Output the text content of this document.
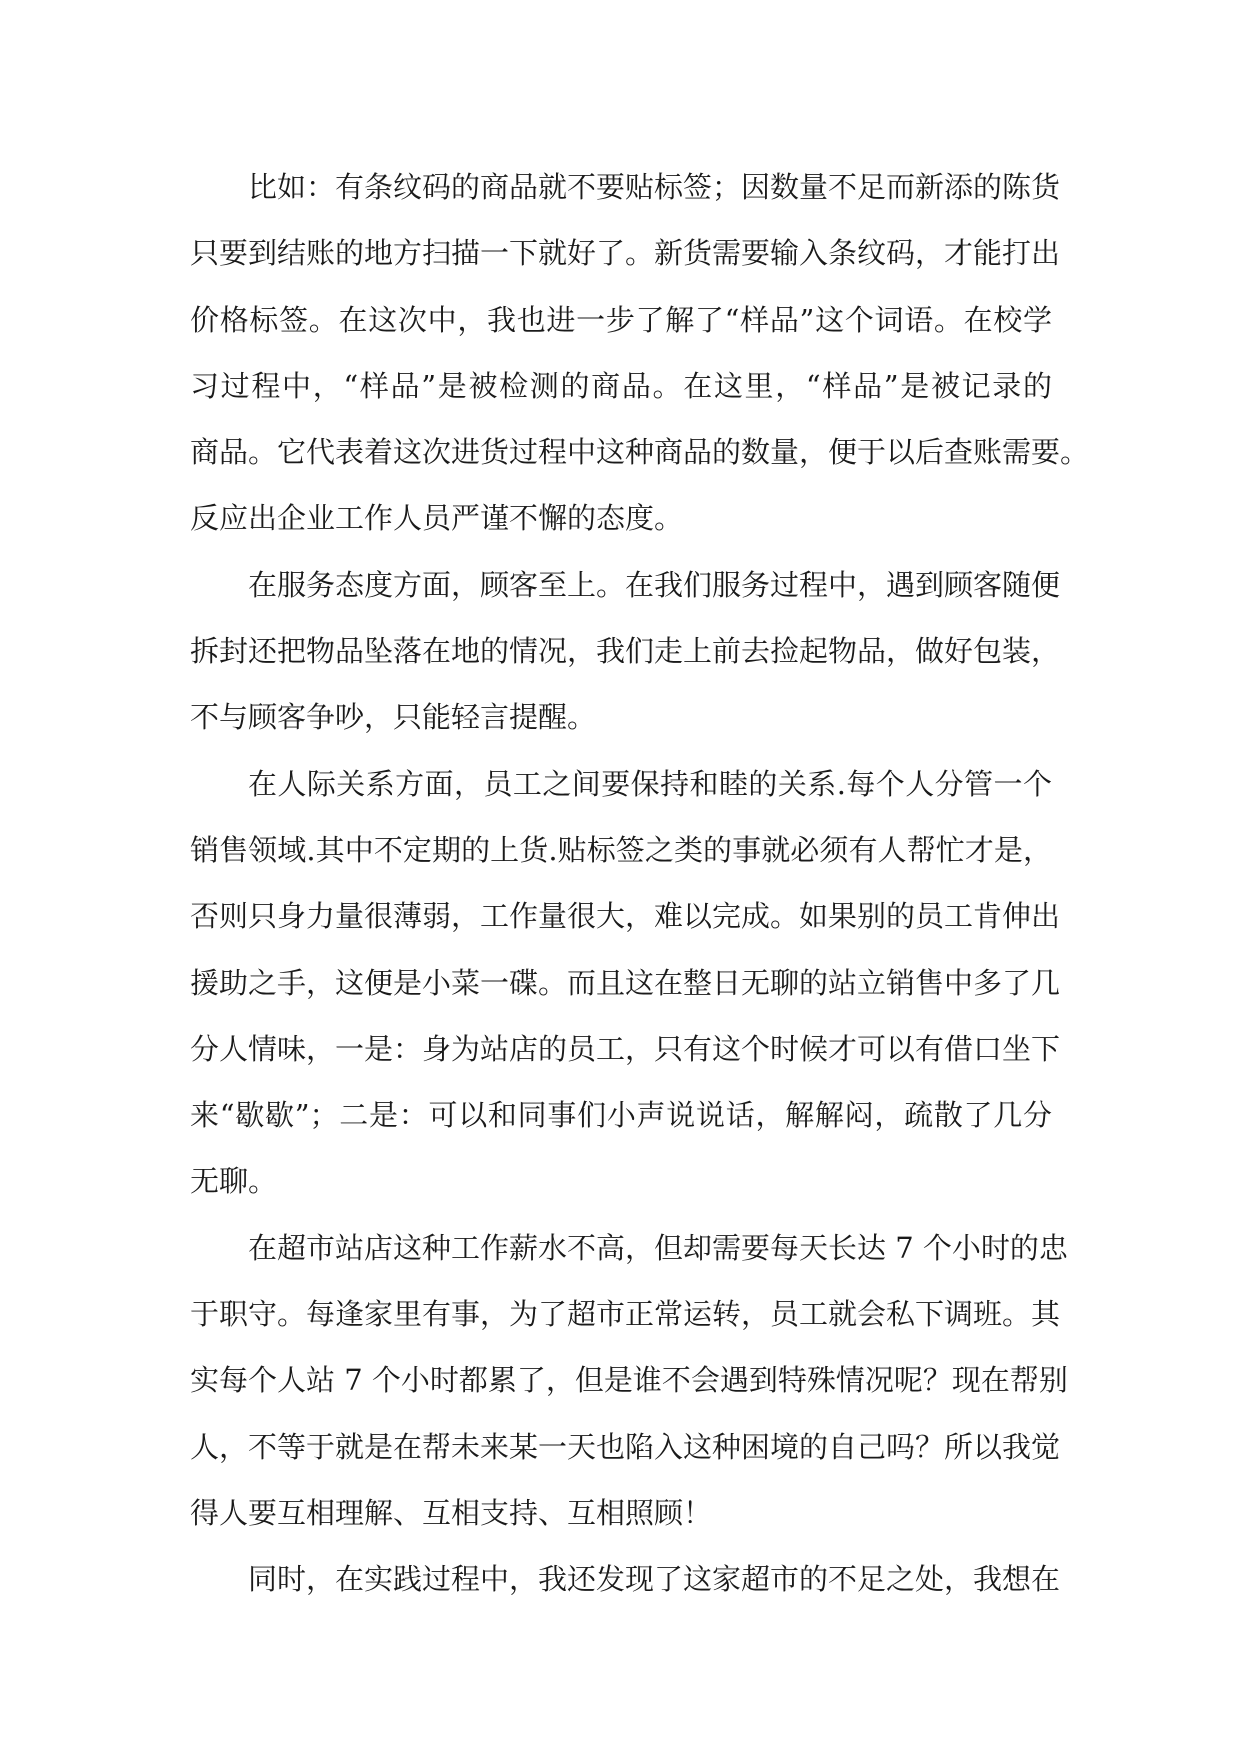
比如：有条纹码的商品就不要贴标签；因数量不足而新添的陈货
只要到结账的地方扫描一下就好了。新货需要输入条纹码，才能打出
价格标签。在这次中，我也进一步了解了“样品”这个词语。在校学
习过程中，“样品”是被检测的商品。在这里，“样品”是被记录的
商品。它代表着这次进货过程中这种商品的数量，便于以后查账需要。
反应出企业工作人员严谨不懈的态度。
在服务态度方面，顾客至上。在我们服务过程中，遇到顾客随便
拆封还把物品坠落在地的情况，我们走上前去捡起物品，做好包装，
不与顾客争吵，只能轻言提醒。
在人际关系方面，员工之间要保持和睦的关系.每个人分管一个
销售领域.其中不定期的上货.贴标签之类的事就必须有人帮忙才是，
否则只身力量很薄弱，工作量很大，难以完成。如果别的员工肯伸出
援助之手，这便是小菜一碟。而且这在整日无聊的站立销售中多了几
分人情味，一是：身为站店的员工，只有这个时候才可以有借口坐下
来“歇歇”；二是：可以和同事们小声说说话，解解闷，疏散了几分
无聊。
在超市站店这种工作薪水不高，但却需要每天长达 7 个小时的忠
于职守。每逢家里有事，为了超市正常运转，员工就会私下调班。其
实每个人站 7 个小时都累了，但是谁不会遇到特殊情况呢？现在帮别
人，不等于就是在帮未来某一天也陷入这种困境的自己吗？所以我觉
得人要互相理解、互相支持、互相照顾！
同时，在实践过程中，我还发现了这家超市的不足之处，我想在
